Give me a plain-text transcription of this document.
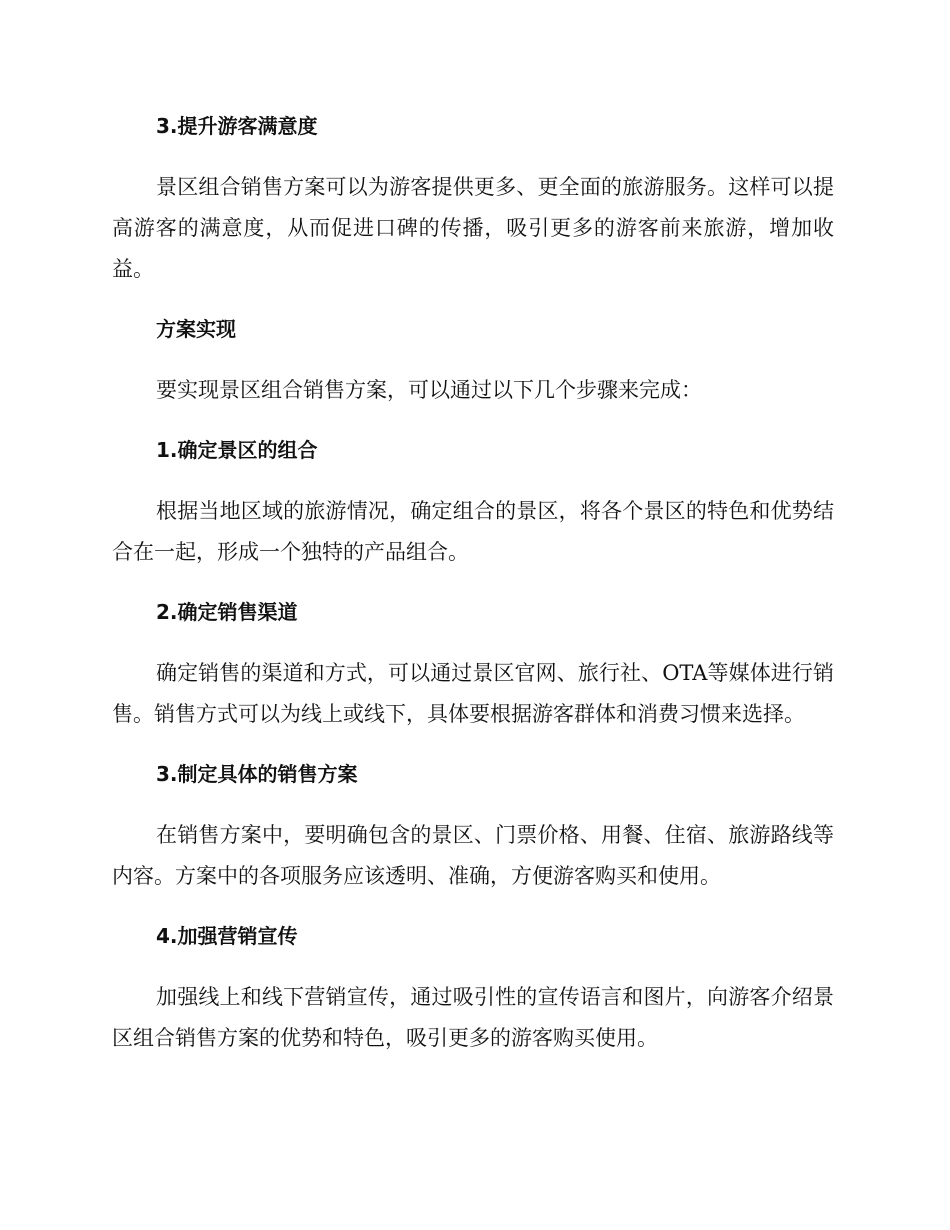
3.提升游客满意度

景区组合销售方案可以为游客提供更多、更全面的旅游服务。这样可以提高游客的满意度，从而促进口碑的传播，吸引更多的游客前来旅游，增加收益。

方案实现

要实现景区组合销售方案，可以通过以下几个步骤来完成：

1.确定景区的组合

根据当地区域的旅游情况，确定组合的景区，将各个景区的特色和优势结合在一起，形成一个独特的产品组合。

2.确定销售渠道

确定销售的渠道和方式，可以通过景区官网、旅行社、OTA等媒体进行销售。销售方式可以为线上或线下，具体要根据游客群体和消费习惯来选择。

3.制定具体的销售方案

在销售方案中，要明确包含的景区、门票价格、用餐、住宿、旅游路线等内容。方案中的各项服务应该透明、准确，方便游客购买和使用。

4.加强营销宣传

加强线上和线下营销宣传，通过吸引性的宣传语言和图片，向游客介绍景区组合销售方案的优势和特色，吸引更多的游客购买使用。
